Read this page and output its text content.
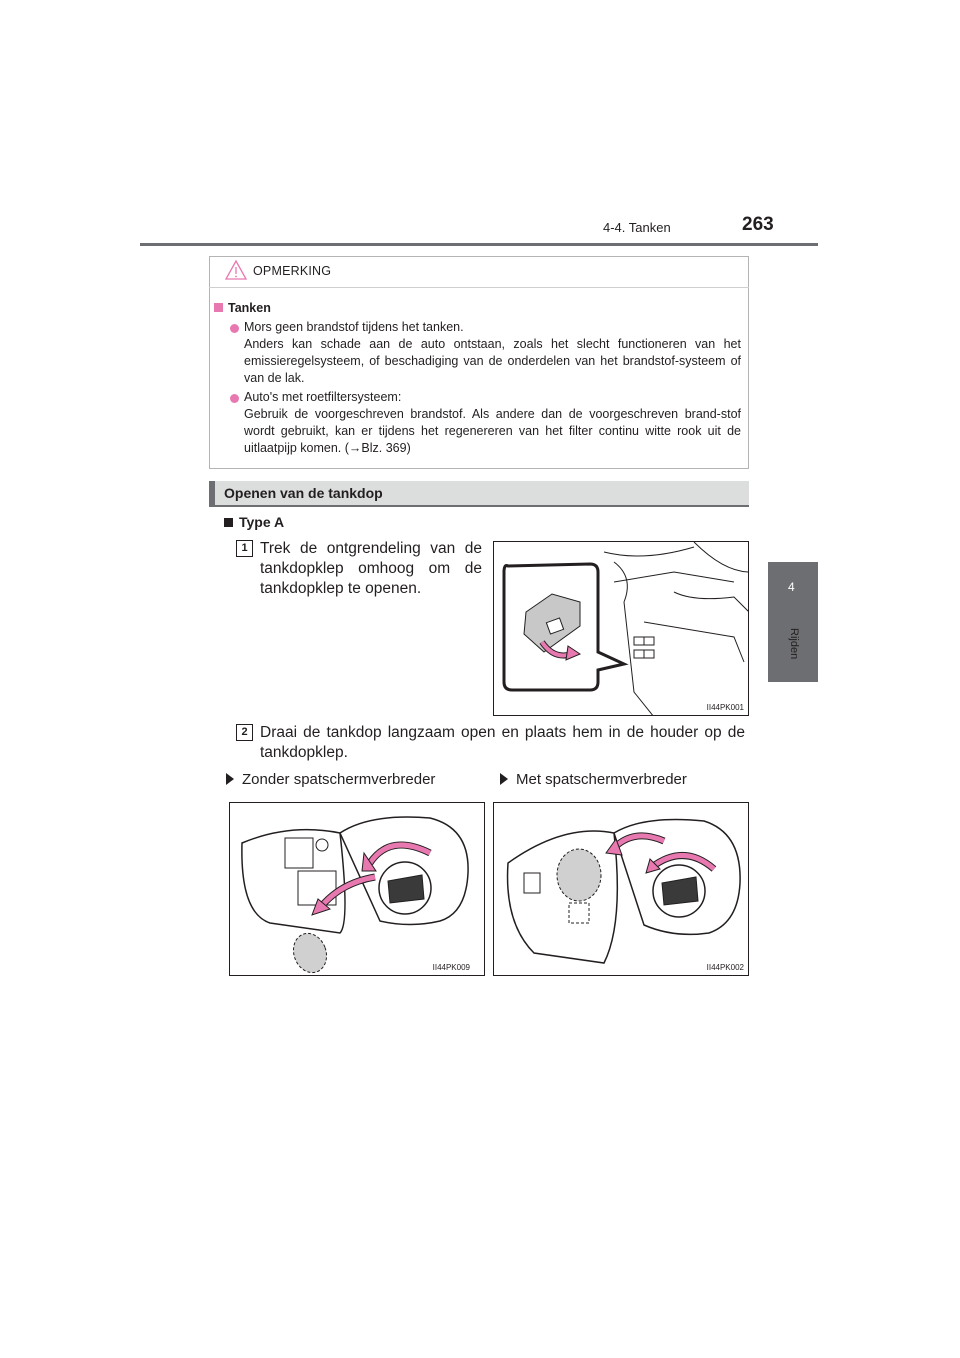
4-4. Tanken	263
4
Rijden
OPMERKING
Tanken
Mors geen brandstof tijdens het tanken.
Anders kan schade aan de auto ontstaan, zoals het slecht functioneren van het emissieregelsysteem, of beschadiging van de onderdelen van het brandstof-systeem of van de lak.
Auto's met roetfiltersysteem:
Gebruik de voorgeschreven brandstof. Als andere dan de voorgeschreven brand-stof wordt gebruikt, kan er tijdens het regenereren van het filter continu witte rook uit de uitlaatpijp komen. (→Blz. 369)
Openen van de tankdop
Type A
1 Trek de ontgrendeling van de tankdopklep omhoog om de tankdopklep te openen.
II44PK001
2 Draai de tankdop langzaam open en plaats hem in de houder op de tankdopklep.
Zonder spatschermverbreder	Met spatschermverbreder
II44PK009	II44PK002
